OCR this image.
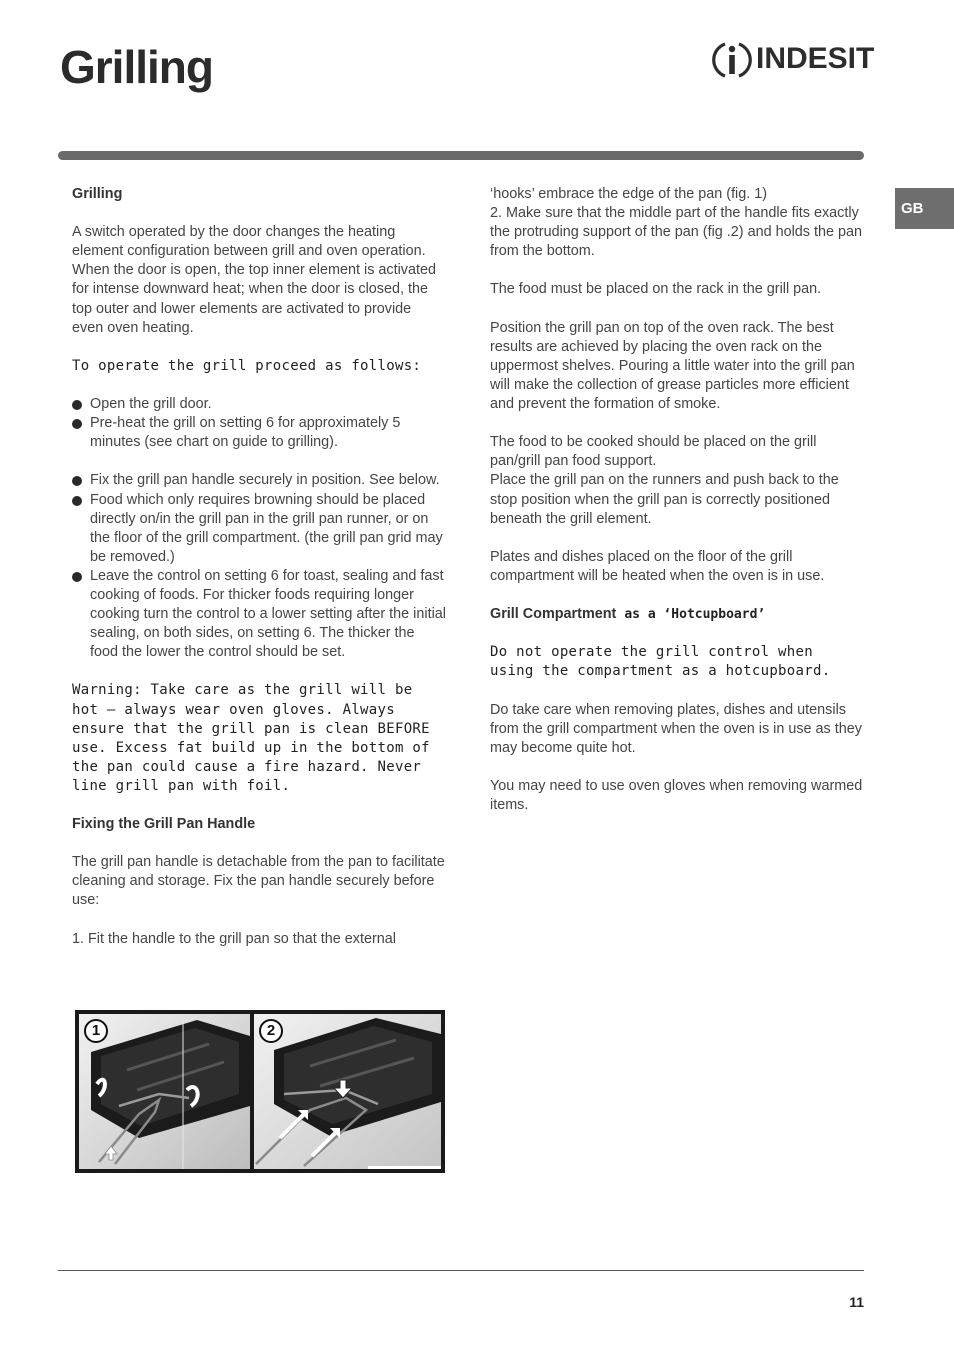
Grilling	INDESIT
GB
Grilling

A switch operated by the door changes the heating element configuration between grill and oven operation. When the door is open, the top inner element is activated for intense downward heat; when the door is closed, the top outer and lower elements are activated to provide even oven heating.

To operate the grill proceed as follows:
Open the grill door.
Pre-heat the grill on setting 6 for approximately 5 minutes (see chart on guide to grilling).
Fix the grill pan handle securely in position. See below.
Food which only requires browning should be placed directly on/in the grill pan in the grill pan runner, or on the floor of the grill compartment. (the grill pan grid may be removed.)
Leave the control on setting 6 for toast, sealing and fast cooking of foods. For thicker foods requiring longer cooking turn the control to a lower setting after the initial sealing, on both sides, on setting 6. The thicker the food the lower the control should be set.
Warning: Take care as the grill will be hot – always wear oven gloves. Always ensure that the grill pan is clean BEFORE use. Excess fat build up in the bottom of the pan could cause a fire hazard. Never line grill pan with foil.
Fixing the Grill Pan Handle

The grill pan handle is detachable from the pan to facilitate cleaning and storage. Fix the pan handle securely before use:

1. Fit the handle to the grill pan so that the external

‘hooks’ embrace the edge of the pan (fig. 1)

2. Make sure that the middle part of the handle fits exactly the protruding support of the pan (fig .2) and holds the pan from the bottom.

The food must be placed on the rack in the grill pan.

Position the grill pan on top of the oven rack. The best results are achieved by placing the oven rack on the uppermost shelves. Pouring a little water into the grill pan will make the collection of grease particles more efficient and prevent the formation of smoke.

The food to be cooked should be placed on the grill pan/grill pan food support.

Place the grill pan on the runners and push back to the stop position when the grill pan is correctly positioned beneath the grill element.

Plates and dishes placed on the floor of the grill compartment will be heated when the oven is in use.

Grill Compartment as a ‘Hotcupboard’
Do not operate the grill control when using the compartment as a hotcupboard.

Do take care when removing plates, dishes and utensils from the grill compartment when the oven is in use as they may become quite hot.

You may need to use oven gloves when removing warmed items.

1	2
11
